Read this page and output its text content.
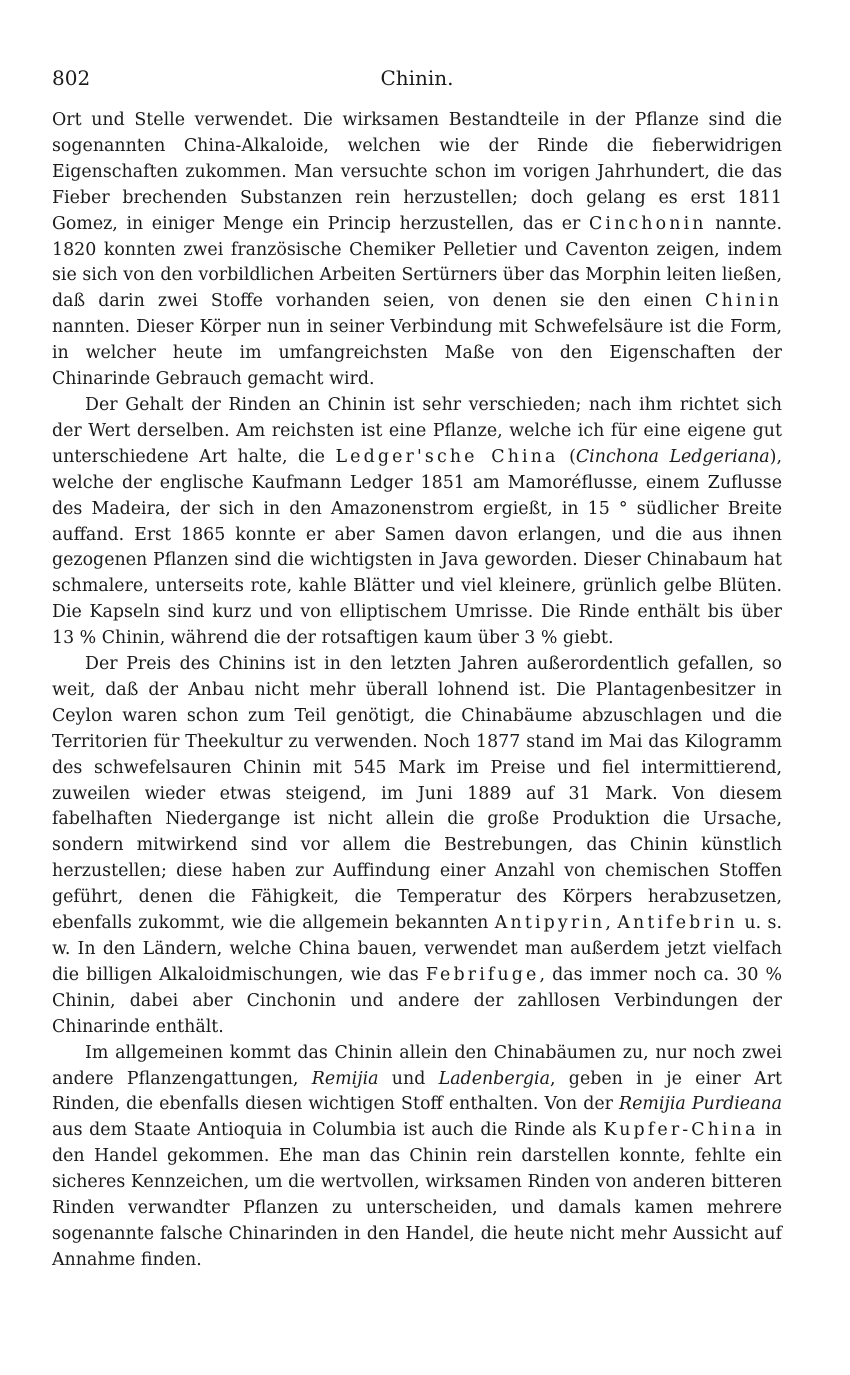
802	Chinin.

Ort und Stelle verwendet. Die wirksamen Bestandteile in der Pflanze sind die sogenannten China-Alkaloide, welchen wie der Rinde die fieberwidrigen Eigenschaften zukommen. Man versuchte schon im vorigen Jahrhundert, die das Fieber brechenden Substanzen rein herzustellen; doch gelang es erst 1811 Gomez, in einiger Menge ein Princip herzustellen, das er Cinchonin nannte. 1820 konnten zwei französische Chemiker Pelletier und Caventon zeigen, indem sie sich von den vorbildlichen Arbeiten Sertürners über das Morphin leiten ließen, daß darin zwei Stoffe vorhanden seien, von denen sie den einen Chinin nannten. Dieser Körper nun in seiner Verbindung mit Schwefelsäure ist die Form, in welcher heute im umfangreichsten Maße von den Eigenschaften der Chinarinde Gebrauch gemacht wird.

Der Gehalt der Rinden an Chinin ist sehr verschieden; nach ihm richtet sich der Wert derselben. Am reichsten ist eine Pflanze, welche ich für eine eigene gut unterschiedene Art halte, die Ledger'sche China (Cinchona Ledgeriana), welche der englische Kaufmann Ledger 1851 am Mamoréflusse, einem Zuflusse des Madeira, der sich in den Amazonenstrom ergießt, in 15 ° südlicher Breite auffand. Erst 1865 konnte er aber Samen davon erlangen, und die aus ihnen gezogenen Pflanzen sind die wichtigsten in Java geworden. Dieser Chinabaum hat schmalere, unterseits rote, kahle Blätter und viel kleinere, grünlich gelbe Blüten. Die Kapseln sind kurz und von elliptischem Umrisse. Die Rinde enthält bis über 13 % Chinin, während die der rotsaftigen kaum über 3 % giebt.

Der Preis des Chinins ist in den letzten Jahren außerordentlich gefallen, so weit, daß der Anbau nicht mehr überall lohnend ist. Die Plantagenbesitzer in Ceylon waren schon zum Teil genötigt, die Chinabäume abzuschlagen und die Territorien für Theekultur zu verwenden. Noch 1877 stand im Mai das Kilogramm des schwefelsauren Chinin mit 545 Mark im Preise und fiel intermittierend, zuweilen wieder etwas steigend, im Juni 1889 auf 31 Mark. Von diesem fabelhaften Niedergange ist nicht allein die große Produktion die Ursache, sondern mitwirkend sind vor allem die Bestrebungen, das Chinin künstlich herzustellen; diese haben zur Auffindung einer Anzahl von chemischen Stoffen geführt, denen die Fähigkeit, die Temperatur des Körpers herabzusetzen, ebenfalls zukommt, wie die allgemein bekannten Antipyrin, Antifebrin u. s. w. In den Ländern, welche China bauen, verwendet man außerdem jetzt vielfach die billigen Alkaloidmischungen, wie das Febrifuge, das immer noch ca. 30 % Chinin, dabei aber Cinchonin und andere der zahllosen Verbindungen der Chinarinde enthält.

Im allgemeinen kommt das Chinin allein den Chinabäumen zu, nur noch zwei andere Pflanzengattungen, Remijia und Ladenbergia, geben in je einer Art Rinden, die ebenfalls diesen wichtigen Stoff enthalten. Von der Remijia Purdieana aus dem Staate Antioquia in Columbia ist auch die Rinde als Kupfer-China in den Handel gekommen. Ehe man das Chinin rein darstellen konnte, fehlte ein sicheres Kennzeichen, um die wertvollen, wirksamen Rinden von anderen bitteren Rinden verwandter Pflanzen zu unterscheiden, und damals kamen mehrere sogenannte falsche Chinarinden in den Handel, die heute nicht mehr Aussicht auf Annahme finden.
